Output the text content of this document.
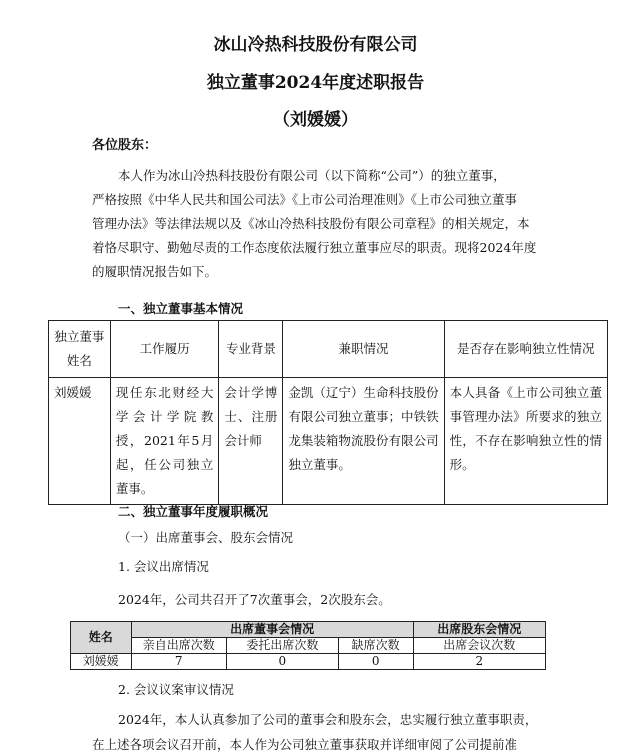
冰山冷热科技股份有限公司
独立董事2024年度述职报告
（刘媛媛）
各位股东：
本人作为冰山冷热科技股份有限公司（以下简称“公司”）的独立董事，
严格按照《中华人民共和国公司法》《上市公司治理准则》《上市公司独立董事
管理办法》等法律法规以及《冰山冷热科技股份有限公司章程》的相关规定，本
着恪尽职守、勤勉尽责的工作态度依法履行独立董事应尽的职责。现将2024年度
的履职情况报告如下。
一、独立董事基本情况
独立董事姓名	工作履历	专业背景	兼职情况	是否存在影响独立性情况
刘媛媛	现任东北财经大学会计学院教授，2021年5月起，任公司独立董事。	会计学博士、注册会计师	金凯（辽宁）生命科技股份有限公司独立董事；中铁铁龙集装箱物流股份有限公司独立董事。	本人具备《上市公司独立董事管理办法》所要求的独立性，不存在影响独立性的情形。
二、独立董事年度履职概况
（一）出席董事会、股东会情况
1. 会议出席情况
2024年，公司共召开了7次董事会，2次股东会。
姓名	出席董事会情况			出席股东会情况
	亲自出席次数	委托出席次数	缺席次数	出席会议次数
刘媛媛	7	0	0	2
2. 会议议案审议情况
2024年，本人认真参加了公司的董事会和股东会，忠实履行独立董事职责，
在上述各项会议召开前，本人作为公司独立董事获取并详细审阅了公司提前准
